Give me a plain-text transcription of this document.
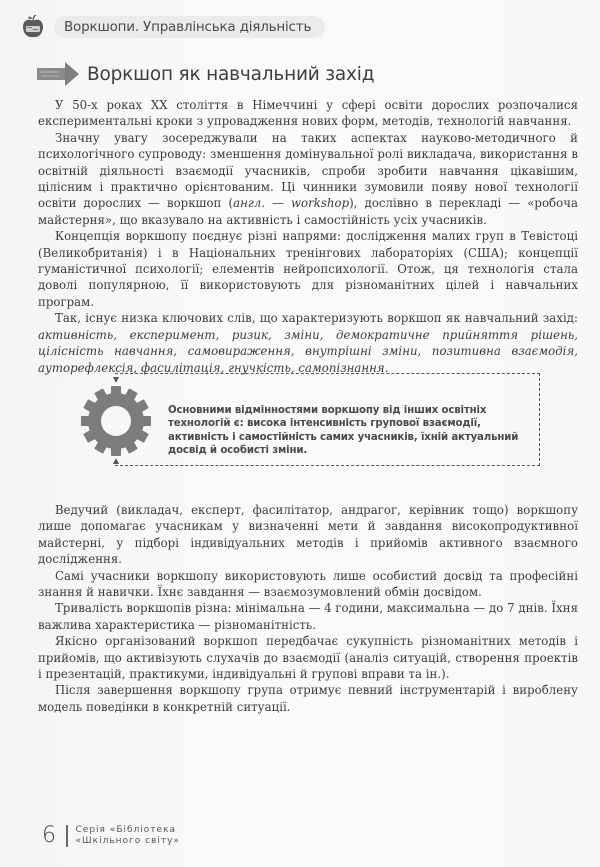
Воркшопи. Управлінська діяльність
Воркшоп як навчальний захід

У 50-х роках XX століття в Німеччині у сфері освіти дорослих розпочалися експериментальні кроки з упровадження нових форм, методів, технологій навчання.

Значну увагу зосереджували на таких аспектах науково-методичного й психологічного супроводу: зменшення домінувальної ролі викладача, використання в освітній діяльності взаємодії учасників, спроби зробити навчання цікавішим, цілісним і практично орієнтованим. Ці чинники зумовили появу нової технології освіти дорослих — воркшоп (англ. — workshop), дослівно в перекладі — «робоча майстерня», що вказувало на активність і самостійність усіх учасників.

Концепція воркшопу поєднує різні напрями: дослідження малих груп в Тевістоці (Великобританія) і в Національних тренінгових лабораторіях (США); концепції гуманістичної психології; елементів нейропсихології. Отож, ця технологія стала доволі популярною, її використовують для різноманітних цілей і навчальних програм.

Так, існує низка ключових слів, що характеризують воркшоп як навчальний захід: активність, експеримент, ризик, зміни, демократичне прийняття рішень, цілісність навчання, самовираження, внутрішні зміни, позитивна взаємодія, ауторефлексія, фасилітація, гнучкість, самопізнання.

Основними відмінностями воркшопу від інших освітніх технологій є: висока інтенсивність групової взаємодії, активність і самостійність самих учасників, їхній актуальний досвід й особисті зміни.

Ведучий (викладач, експерт, фасилітатор, андрагог, керівник тощо) воркшопу лише допомагає учасникам у визначенні мети й завдання високопродуктивної майстерні, у підборі індивідуальних методів і прийомів активного взаємного дослідження.

Самі учасники воркшопу використовують лише особистий досвід та професійні знання й навички. Їхнє завдання — взаємозумовлений обмін досвідом.

Тривалість воркшопів різна: мінімальна — 4 години, максимальна — до 7 днів. Їхня важлива характеристика — різноманітність.

Якісно організований воркшоп передбачає сукупність різноманітних методів і прийомів, що активізують слухачів до взаємодії (аналіз ситуацій, створення проектів і презентацій, практикуми, індивідуальні й групові вправи та ін.).

Після завершення воркшопу група отримує певний інструментарій і вироблену модель поведінки в конкретній ситуації.

6 Серія «Бібліотека
«Шкільного світу»
